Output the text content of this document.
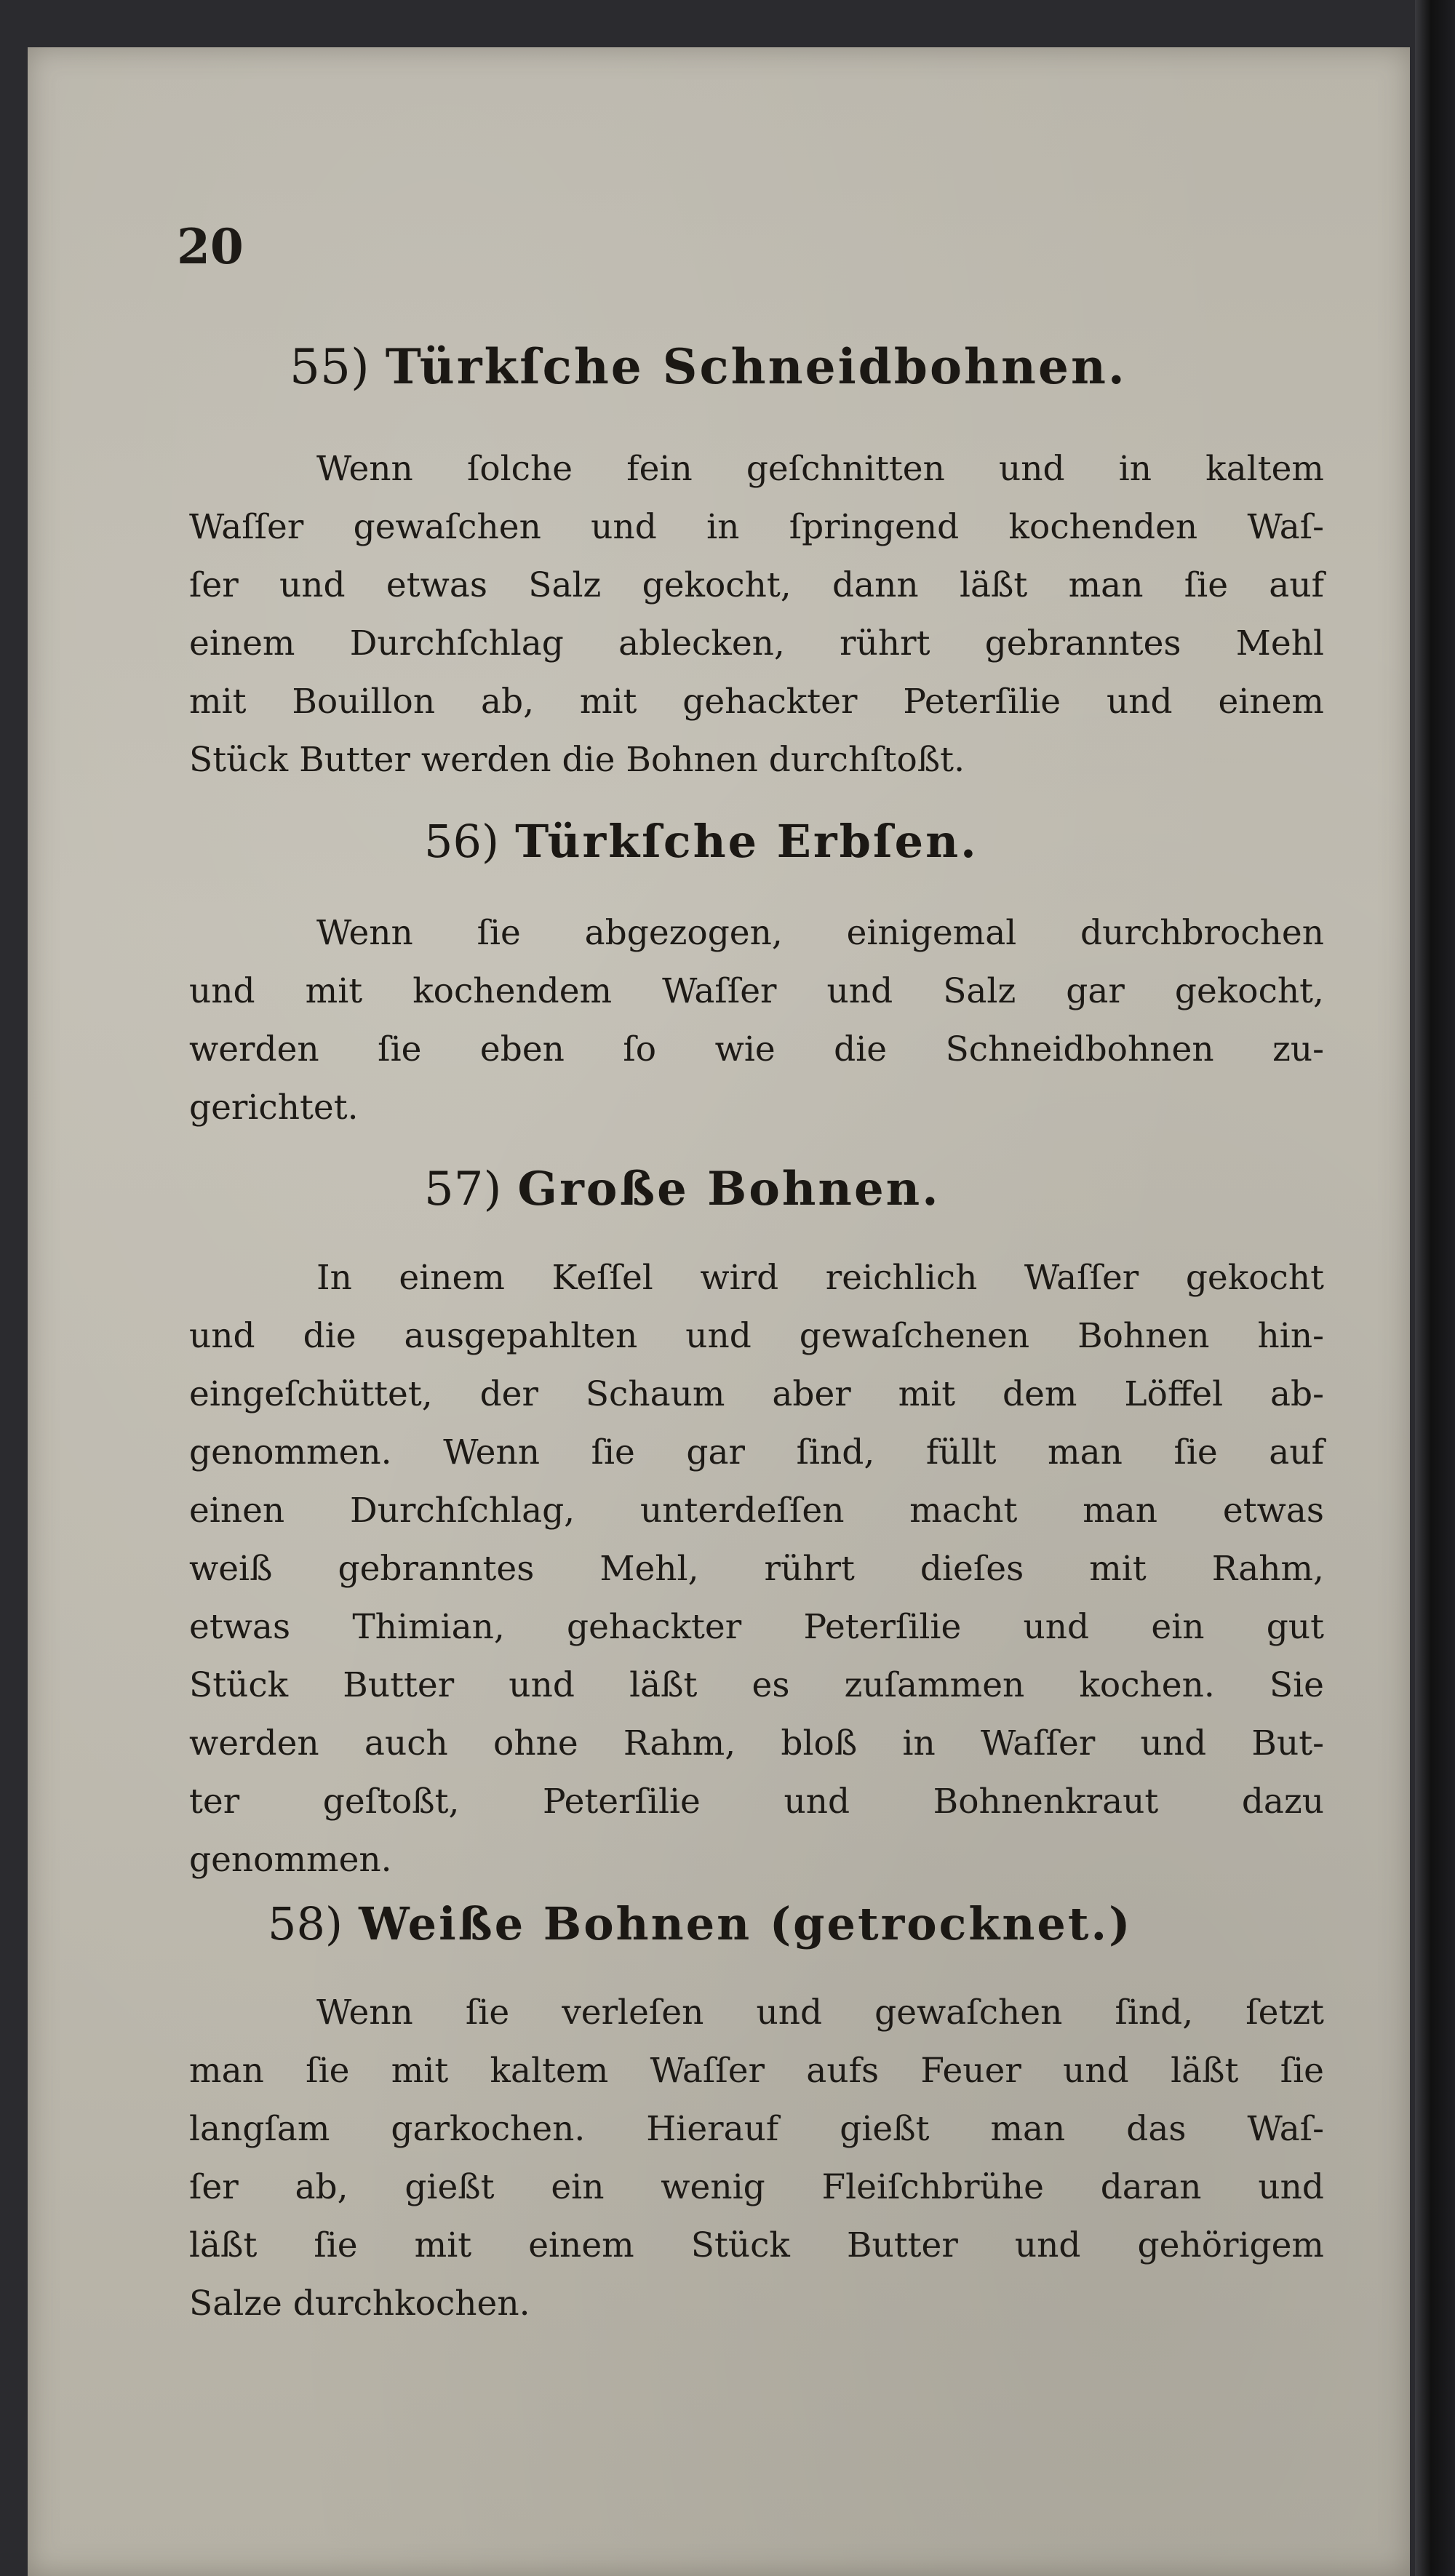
20
55) Türkſche Schneidbohnen.
Wenn ſolche fein geſchnitten und in kaltem
Waſſer gewaſchen und in ſpringend kochenden Waſ-
ſer und etwas Salz gekocht, dann läßt man ſie auf
einem Durchſchlag ablecken, rührt gebranntes Mehl
mit Bouillon ab, mit gehackter Peterſilie und einem
Stück Butter werden die Bohnen durchſtoßt.
56) Türkſche Erbſen.
Wenn ſie abgezogen, einigemal durchbrochen
und mit kochendem Waſſer und Salz gar gekocht,
werden ſie eben ſo wie die Schneidbohnen zu-
gerichtet.
57) Große Bohnen.
In einem Keſſel wird reichlich Waſſer gekocht
und die ausgepahlten und gewaſchenen Bohnen hin-
eingeſchüttet, der Schaum aber mit dem Löffel ab-
genommen. Wenn ſie gar ſind, füllt man ſie auf
einen Durchſchlag, unterdeſſen macht man etwas
weiß gebranntes Mehl, rührt dieſes mit Rahm,
etwas Thimian, gehackter Peterſilie und ein gut
Stück Butter und läßt es zuſammen kochen. Sie
werden auch ohne Rahm, bloß in Waſſer und But-
ter geſtoßt, Peterſilie und Bohnenkraut dazu
genommen.
58) Weiße Bohnen (getrocknet.)
Wenn ſie verleſen und gewaſchen ſind, ſetzt
man ſie mit kaltem Waſſer aufs Feuer und läßt ſie
langſam garkochen. Hierauf gießt man das Waſ-
ſer ab, gießt ein wenig Fleiſchbrühe daran und
läßt ſie mit einem Stück Butter und gehörigem
Salze durchkochen.
